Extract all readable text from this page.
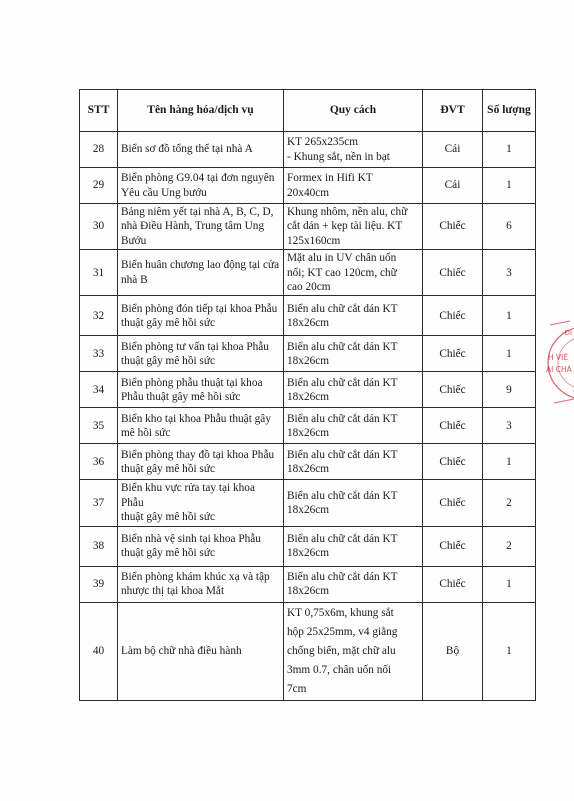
STT	Tên hàng hóa/dịch vụ	Quy cách	ĐVT	Số lượng
28	Biển sơ đồ tổng thể tại nhà A	KT 265x235cm
- Khung sắt, nền in bạt	Cái	1
29	Biển phòng G9.04 tại đơn nguyên
Yêu cầu Ung bướu	Formex in Hifi KT
20x40cm	Cái	1
30	Bảng niêm yết tại nhà A, B, C, D,
nhà Điều Hành, Trung tâm Ung
Bướu	Khung nhôm, nền alu, chữ
cắt dán + kẹp tài liệu. KT
125x160cm	Chiếc	6
31	Biển huân chương lao động tại cửa
nhà B	Mặt alu in UV chân uốn
nổi; KT cao 120cm, chữ
cao 20cm	Chiếc	3
32	Biển phòng đón tiếp tại khoa Phẫu
thuật gây mê hồi sức	Biển alu chữ cắt dán KT
18x26cm	Chiếc	1
33	Biển phòng tư vấn tại khoa Phẫu
thuật gây mê hồi sức	Biển alu chữ cắt dán KT
18x26cm	Chiếc	1
34	Biển phòng phẫu thuật tại khoa
Phẫu thuật gây mê hồi sức	Biển alu chữ cắt dán KT
18x26cm	Chiếc	9
35	Biển kho tại khoa Phẫu thuật gây
mê hồi sức	Biển alu chữ cắt dán KT
18x26cm	Chiếc	3
36	Biển phòng thay đồ tại khoa Phẫu
thuật gây mê hồi sức	Biển alu chữ cắt dán KT
18x26cm	Chiếc	1
37	Biển khu vực rửa tay tại khoa Phẫu
thuật gây mê hồi sức	Biển alu chữ cắt dán KT
18x26cm	Chiếc	2
38	Biển nhà vệ sinh tại khoa Phẫu
thuật gây mê hồi sức	Biển alu chữ cắt dán KT
18x26cm	Chiếc	2
39	Biển phòng khám khúc xạ và tập
nhược thị tại khoa Mắt	Biển alu chữ cắt dán KT
18x26cm	Chiếc	1
40	Làm bộ chữ nhà điều hành	KT 0,75x6m, khung sắt
hộp 25x25mm, v4 giằng
chống biển, mặt chữ alu
3mm 0.7, chân uốn nối
7cm	Bộ	1
-ĐI
H VIỆ
AI CHÂ
